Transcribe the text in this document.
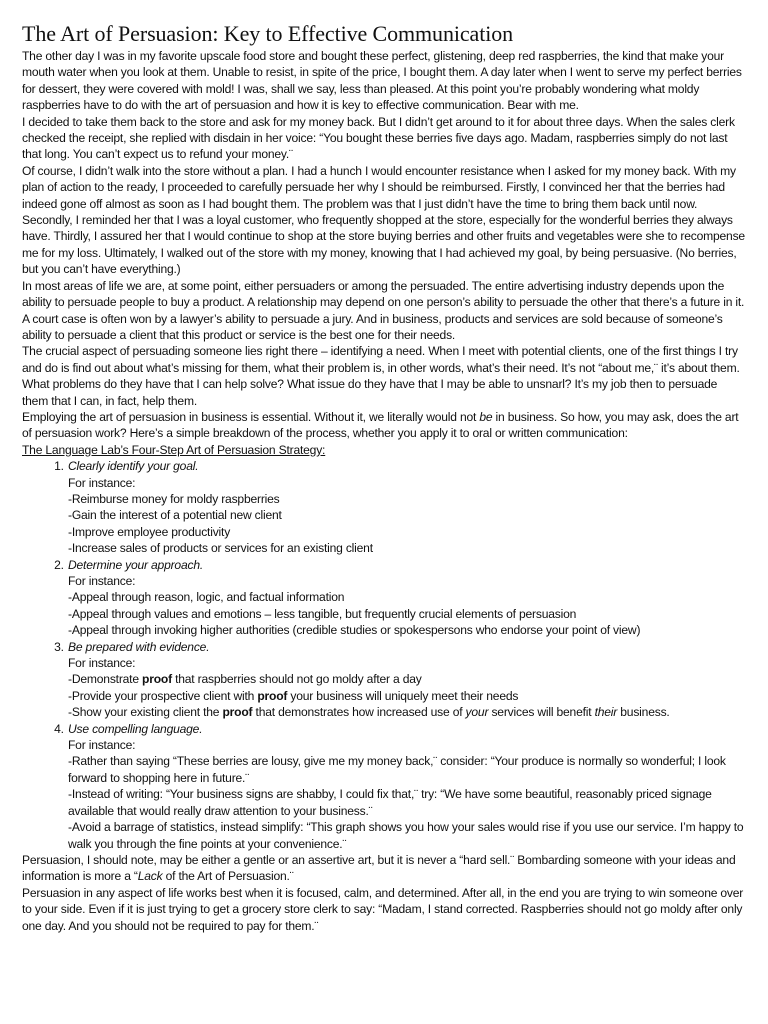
The Art of Persuasion: Key to Effective Communication

The other day I was in my favorite upscale food store and bought these perfect, glistening, deep red raspberries, the kind that make your mouth water when you look at them. Unable to resist, in spite of the price, I bought them. A day later when I went to serve my perfect berries for dessert, they were covered with mold! I was, shall we say, less than pleased. At this point you’re probably wondering what moldy raspberries have to do with the art of persuasion and how it is key to effective communication. Bear with me.

I decided to take them back to the store and ask for my money back. But I didn’t get around to it for about three days. When the sales clerk checked the receipt, she replied with disdain in her voice: “You bought these berries five days ago. Madam, raspberries simply do not last that long. You can’t expect us to refund your money.¨

Of course, I didn’t walk into the store without a plan. I had a hunch I would encounter resistance when I asked for my money back. With my plan of action to the ready, I proceeded to carefully persuade her why I should be reimbursed. Firstly, I convinced her that the berries had indeed gone off almost as soon as I had bought them. The problem was that I just didn’t have the time to bring them back until now. Secondly, I reminded her that I was a loyal customer, who frequently shopped at the store, especially for the wonderful berries they always have. Thirdly, I assured her that I would continue to shop at the store buying berries and other fruits and vegetables were she to recompense me for my loss. Ultimately, I walked out of the store with my money, knowing that I had achieved my goal, by being persuasive. (No berries, but you can’t have everything.)

In most areas of life we are, at some point, either persuaders or among the persuaded. The entire advertising industry depends upon the ability to persuade people to buy a product. A relationship may depend on one person’s ability to persuade the other that there’s a future in it. A court case is often won by a lawyer’s ability to persuade a jury. And in business, products and services are sold because of someone’s ability to persuade a client that this product or service is the best one for their needs.

The crucial aspect of persuading someone lies right there – identifying a need. When I meet with potential clients, one of the first things I try and do is find out about what’s missing for them, what their problem is, in other words, what’s their need. It’s not “about me,¨ it’s about them. What problems do they have that I can help solve? What issue do they have that I may be able to unsnarl? It’s my job then to persuade them that I can, in fact, help them.

Employing the art of persuasion in business is essential. Without it, we literally would not be in business. So how, you may ask, does the art of persuasion work? Here’s a simple breakdown of the process, whether you apply it to oral or written communication:

The Language Lab’s Four-Step Art of Persuasion Strategy:

1. Clearly identify your goal.
For instance:
-Reimburse money for moldy raspberries
-Gain the interest of a potential new client
-Improve employee productivity
-Increase sales of products or services for an existing client
2. Determine your approach.
For instance:
-Appeal through reason, logic, and factual information
-Appeal through values and emotions – less tangible, but frequently crucial elements of persuasion
-Appeal through invoking higher authorities (credible studies or spokespersons who endorse your point of view)
3. Be prepared with evidence.
For instance:
-Demonstrate proof that raspberries should not go moldy after a day
-Provide your prospective client with proof your business will uniquely meet their needs
-Show your existing client the proof that demonstrates how increased use of your services will benefit their business.
4. Use compelling language.
For instance:
-Rather than saying “These berries are lousy, give me my money back,¨ consider: “Your produce is normally so wonderful; I look forward to shopping here in future.¨
-Instead of writing: “Your business signs are shabby, I could fix that,¨ try: “We have some beautiful, reasonably priced signage available that would really draw attention to your business.¨
-Avoid a barrage of statistics, instead simplify: “This graph shows you how your sales would rise if you use our service. I’m happy to walk you through the fine points at your convenience.¨

Persuasion, I should note, may be either a gentle or an assertive art, but it is never a “hard sell.¨ Bombarding someone with your ideas and information is more a “Lack of the Art of Persuasion.¨

Persuasion in any aspect of life works best when it is focused, calm, and determined. After all, in the end you are trying to win someone over to your side. Even if it is just trying to get a grocery store clerk to say: “Madam, I stand corrected. Raspberries should not go moldy after only one day. And you should not be required to pay for them.¨
